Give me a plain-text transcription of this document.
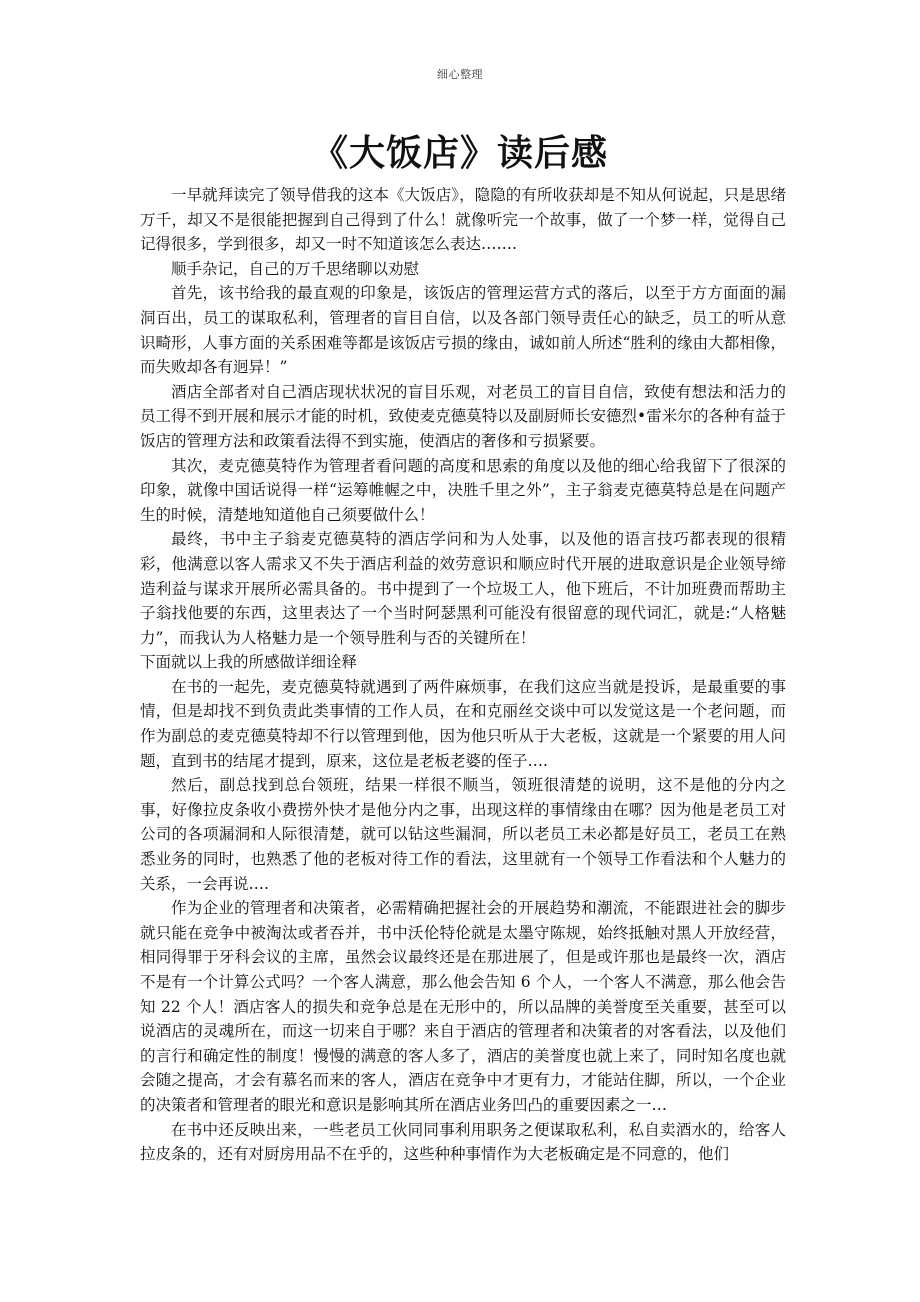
细心整理
《大饭店》读后感

一早就拜读完了领导借我的这本《大饭店》，隐隐的有所收获却是不知从何说起，只是思绪万千，却又不是很能把握到自己得到了什么！就像听完一个故事，做了一个梦一样，觉得自己记得很多，学到很多，却又一时不知道该怎么表达…….

顺手杂记，自己的万千思绪聊以劝慰

首先，该书给我的最直观的印象是，该饭店的管理运营方式的落后，以至于方方面面的漏洞百出，员工的谋取私利，管理者的盲目自信，以及各部门领导责任心的缺乏，员工的听从意识畸形，人事方面的关系困难等都是该饭店亏损的缘由，诚如前人所述“胜利的缘由大都相像，而失败却各有迥异！”

酒店全部者对自己酒店现状状况的盲目乐观，对老员工的盲目自信，致使有想法和活力的员工得不到开展和展示才能的时机，致使麦克德莫特以及副厨师长安德烈•雷米尔的各种有益于饭店的管理方法和政策看法得不到实施，使酒店的奢侈和亏损紧要。

其次，麦克德莫特作为管理者看问题的高度和思索的角度以及他的细心给我留下了很深的印象，就像中国话说得一样“运筹帷幄之中，决胜千里之外”，主子翁麦克德莫特总是在问题产生的时候，清楚地知道他自己须要做什么！

最终，书中主子翁麦克德莫特的酒店学问和为人处事，以及他的语言技巧都表现的很精彩，他满意以客人需求又不失于酒店利益的效劳意识和顺应时代开展的进取意识是企业领导缔造利益与谋求开展所必需具备的。书中提到了一个垃圾工人，他下班后，不计加班费而帮助主子翁找他要的东西，这里表达了一个当时阿瑟黑利可能没有很留意的现代词汇，就是:“人格魅力”，而我认为人格魅力是一个领导胜利与否的关键所在！

下面就以上我的所感做详细诠释

在书的一起先，麦克德莫特就遇到了两件麻烦事，在我们这应当就是投诉，是最重要的事情，但是却找不到负责此类事情的工作人员，在和克丽丝交谈中可以发觉这是一个老问题，而作为副总的麦克德莫特却不行以管理到他，因为他只听从于大老板，这就是一个紧要的用人问题，直到书的结尾才提到，原来，这位是老板老婆的侄子….

然后，副总找到总台领班，结果一样很不顺当，领班很清楚的说明，这不是他的分内之事，好像拉皮条收小费捞外快才是他分内之事，出现这样的事情缘由在哪？因为他是老员工对公司的各项漏洞和人际很清楚，就可以钻这些漏洞，所以老员工未必都是好员工，老员工在熟悉业务的同时，也熟悉了他的老板对待工作的看法，这里就有一个领导工作看法和个人魅力的关系，一会再说….

作为企业的管理者和决策者，必需精确把握社会的开展趋势和潮流，不能跟进社会的脚步就只能在竞争中被淘汰或者吞并，书中沃伦特伦就是太墨守陈规，始终抵触对黑人开放经营，相同得罪于牙科会议的主席，虽然会议最终还是在那进展了，但是或许那也是最终一次，酒店不是有一个计算公式吗？一个客人满意，那么他会告知 6 个人，一个客人不满意，那么他会告知 22 个人！酒店客人的损失和竞争总是在无形中的，所以品牌的美誉度至关重要，甚至可以说酒店的灵魂所在，而这一切来自于哪？来自于酒店的管理者和决策者的对客看法，以及他们的言行和确定性的制度！慢慢的满意的客人多了，酒店的美誉度也就上来了，同时知名度也就会随之提高，才会有慕名而来的客人，酒店在竞争中才更有力，才能站住脚，所以，一个企业的决策者和管理者的眼光和意识是影响其所在酒店业务凹凸的重要因素之一…

在书中还反映出来，一些老员工伙同同事利用职务之便谋取私利，私自卖酒水的，给客人拉皮条的，还有对厨房用品不在乎的，这些种种事情作为大老板确定是不同意的，他们
